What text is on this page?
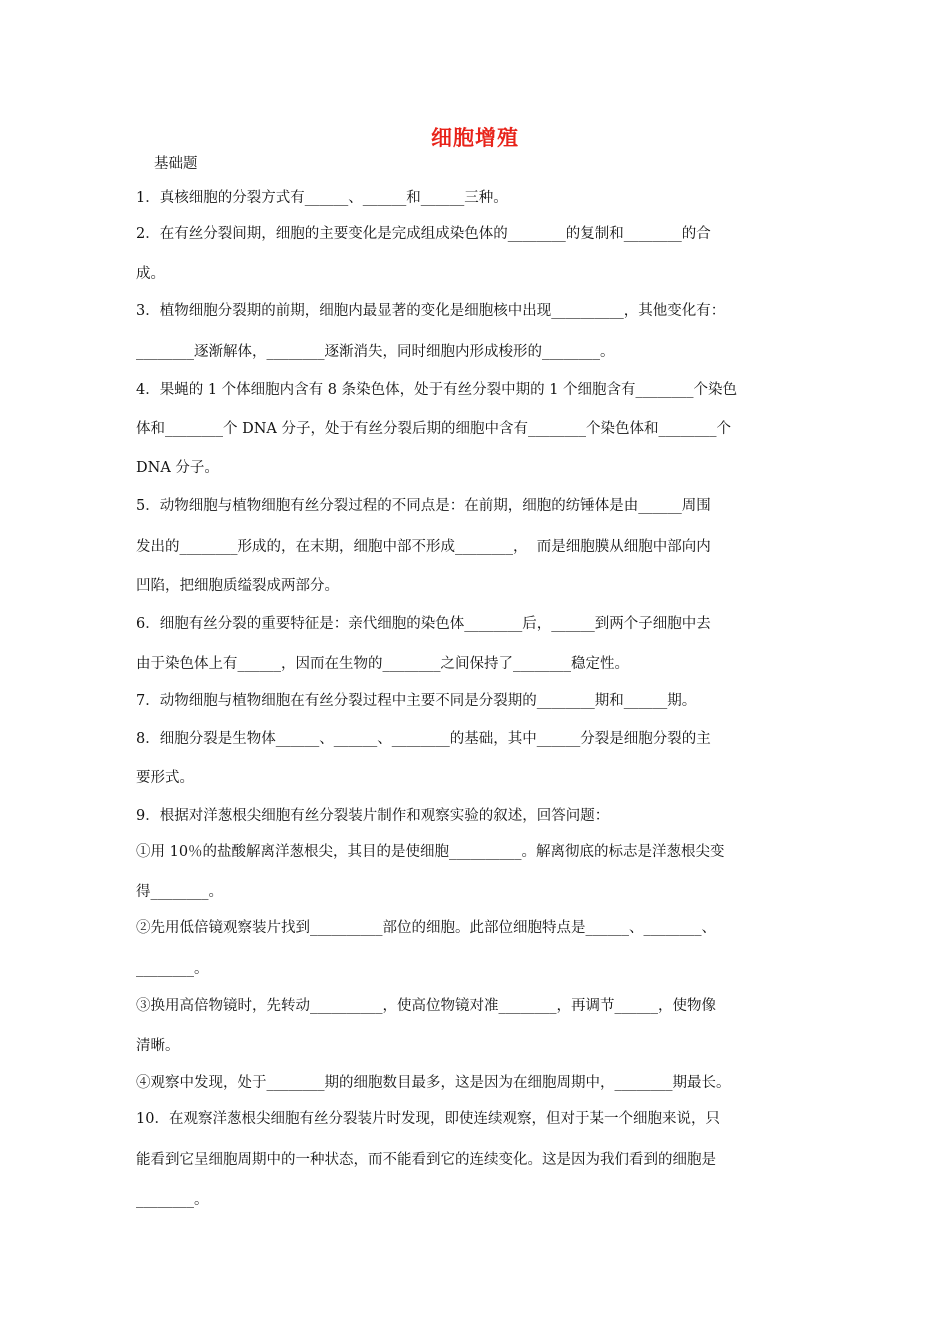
细胞增殖
基础题
1．真核细胞的分裂方式有______、______和______三种。
2．在有丝分裂间期，细胞的主要变化是完成组成染色体的________的复制和________的合
成。
3．植物细胞分裂期的前期，细胞内最显著的变化是细胞核中出现__________，其他变化有：
________逐渐解体，________逐渐消失，同时细胞内形成梭形的________。
4．果蝇的 1 个体细胞内含有 8 条染色体，处于有丝分裂中期的 1 个细胞含有________个染色
体和________个 DNA 分子，处于有丝分裂后期的细胞中含有________个染色体和________个
DNA 分子。
5．动物细胞与植物细胞有丝分裂过程的不同点是：在前期，细胞的纺锤体是由______周围
发出的________形成的，在末期，细胞中部不形成________，  而是细胞膜从细胞中部向内
凹陷，把细胞质缢裂成两部分。
6．细胞有丝分裂的重要特征是：亲代细胞的染色体________后，______到两个子细胞中去
由于染色体上有______，因而在生物的________之间保持了________稳定性。
7．动物细胞与植物细胞在有丝分裂过程中主要不同是分裂期的________期和______期。
8．细胞分裂是生物体______、______、________的基础，其中______分裂是细胞分裂的主
要形式。
9．根据对洋葱根尖细胞有丝分裂装片制作和观察实验的叙述，回答问题：
①用 10％的盐酸解离洋葱根尖，其目的是使细胞__________。解离彻底的标志是洋葱根尖变
得________。
②先用低倍镜观察装片找到__________部位的细胞。此部位细胞特点是______、________、
________。
③换用高倍物镜时，先转动__________，使高位物镜对准________，再调节______，使物像
清晰。
④观察中发现，处于________期的细胞数目最多，这是因为在细胞周期中，________期最长。
10．在观察洋葱根尖细胞有丝分裂装片时发现，即使连续观察，但对于某一个细胞来说，只
能看到它呈细胞周期中的一种状态，而不能看到它的连续变化。这是因为我们看到的细胞是
________。
